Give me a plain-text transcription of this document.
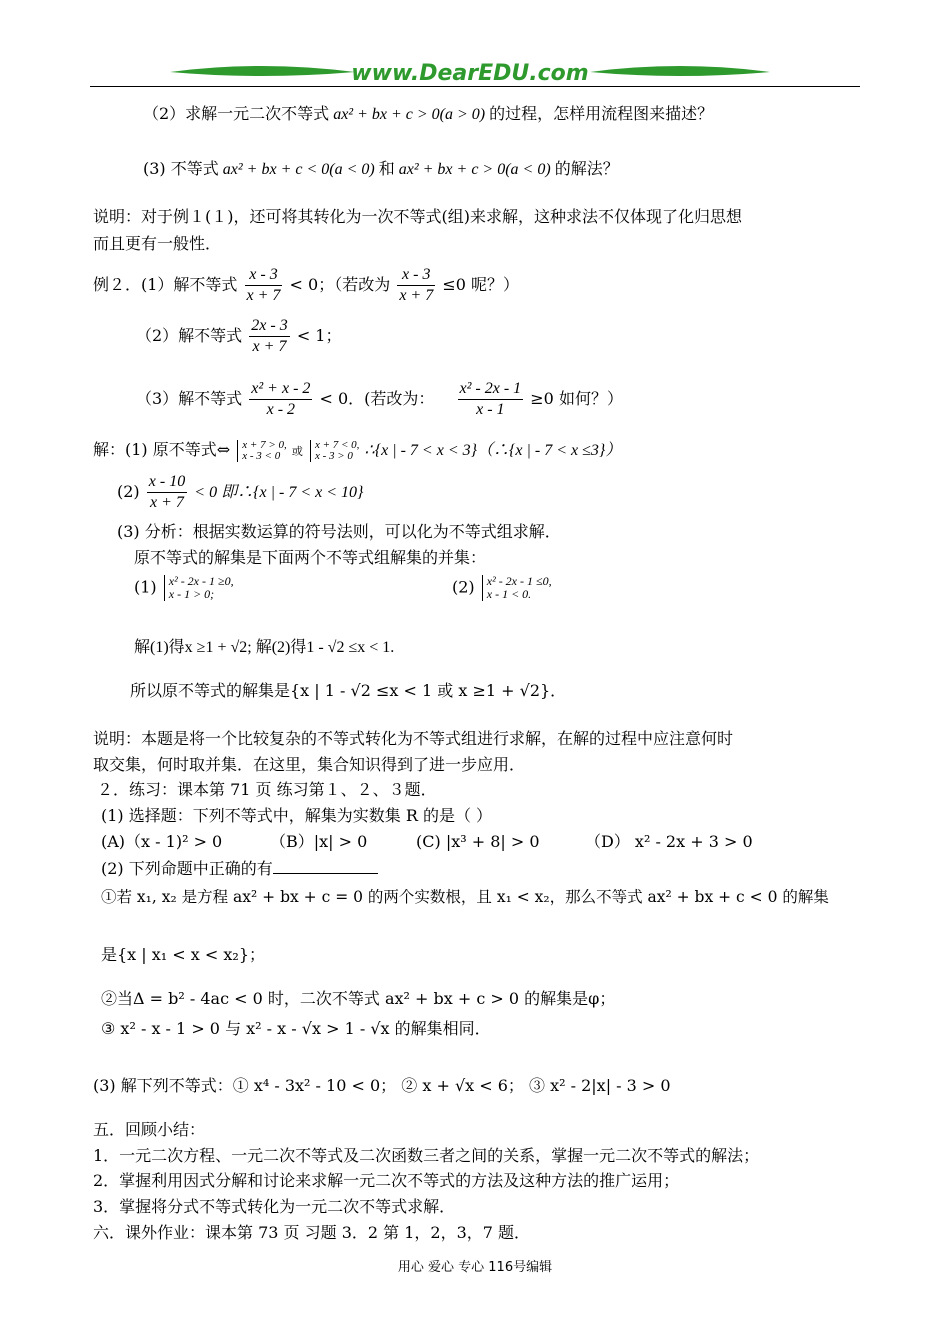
www.DearEDU.com
（2）求解一元二次不等式 ax² + bx + c > 0(a > 0) 的过程，怎样用流程图来描述？
(3) 不等式 ax² + bx + c < 0(a < 0) 和 ax² + bx + c > 0(a < 0) 的解法？
说明：对于例１(１)，还可将其转化为一次不等式(组)来求解，这种求法不仅体现了化归思想
而且更有一般性．
例２．(1）解不等式 $\frac{x - 3}{x + 7} < 0$；（若改为 $\frac{x - 3}{x + 7} \le 0$ 呢？）
（2）解不等式 $\frac{2x - 3}{x + 7} < 1$；
（3）解不等式 $\frac{\text{x² + x - 2}}{x - 2} < 0$．(若改为： $\frac{\text{x² - 2x - 1}}{x - 1} \ge 0$ 如何？）
解：(1) 原不等式⇔ x + 7 > 0,
x - 3 < 0	或
x + 7 < 0,
x - 3 > 0 ∴{x | - 7 < x < 3}（∴{x | - 7 < x ≤3}）
$(2) \frac{x - 10}{x + 7} < 0$ 即∴{x | - 7 < x < 10}
(3) 分析：根据实数运算的符号法则，可以化为不等式组求解．
原不等式的解集是下面两个不等式组解集的并集：
(1) x² - 2x - 1 ≥0,
x - 1 > 0;	(2) x² - 2x - 1 ≤0,
x - 1 < 0.
解(1)得x ≥1 + √2; 解(2)得1 - √2 ≤x < 1.
所以原不等式的解集是{x | 1 - √2 ≤x < 1 或 x ≥1 + √2}．
说明：本题是将一个比较复杂的不等式转化为不等式组进行求解，在解的过程中应注意何时
取交集，何时取并集．在这里，集合知识得到了进一步应用．
２．练习：课本第 71 页 练习第１、２、３题．
(1) 选择题：下列不等式中，解集为实数集 R 的是（ ）
(A)（x - 1)² > 0	（B）|x| > 0	(C) |x³ + 8| > 0	（D） x² - 2x + 3 > 0
(2) 下列命题中正确的有
①若 x₁, x₂ 是方程 ax² + bx + c = 0 的两个实数根，且 x₁ < x₂，那么不等式 ax² + bx + c < 0 的解集
是{x | x₁ < x < x₂}；
②当Δ = b² - 4ac < 0 时，二次不等式 ax² + bx + c > 0 的解集是φ；
③ x² - x - 1 > 0 与 x² - x - √x > 1 - √x 的解集相同．
(3) 解下列不等式：① x⁴ - 3x² - 10 < 0； ② x + √x < 6； ③ x² - 2|x| - 3 > 0
五．回顾小结：
1．一元二次方程、一元二次不等式及二次函数三者之间的关系，掌握一元二次不等式的解法；
2．掌握利用因式分解和讨论来求解一元二次不等式的方法及这种方法的推广运用；
3．掌握将分式不等式转化为一元二次不等式求解．
六．课外作业：课本第 73 页 习题 3．2 第 1，2，3，7 题．
用心 爱心 专心 116号编辑
